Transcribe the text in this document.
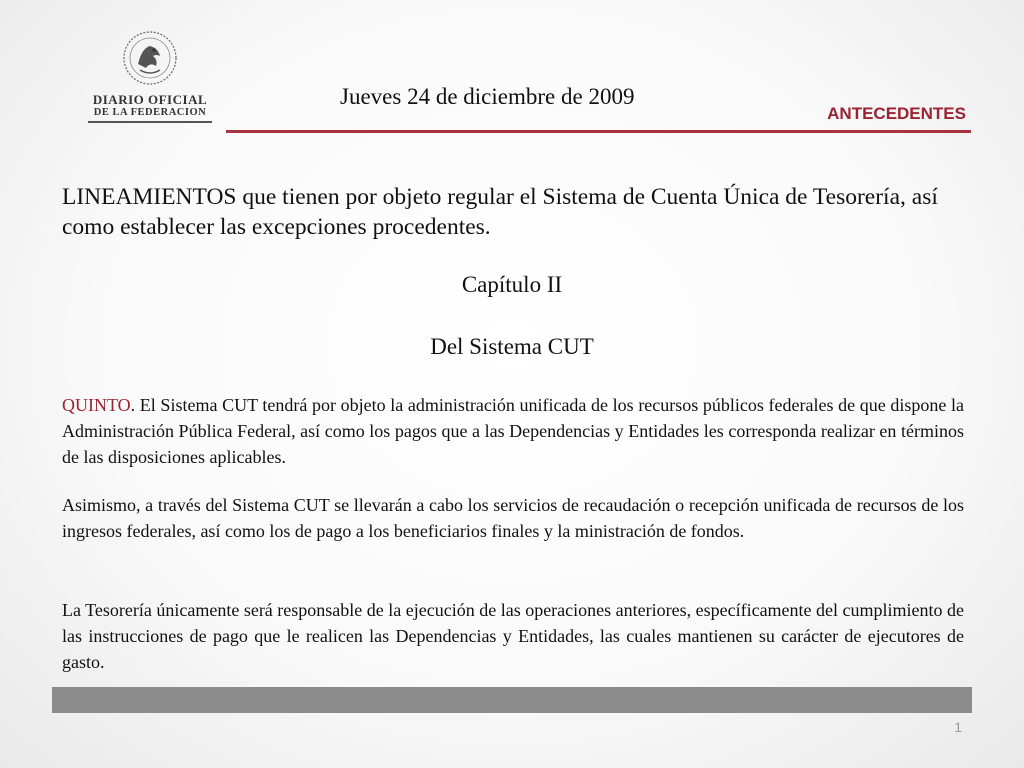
DIARIO OFICIAL
DE LA FEDERACION
Jueves 24 de diciembre de 2009
ANTECEDENTES
LINEAMIENTOS que tienen por objeto regular el Sistema de Cuenta Única de Tesorería, así como establecer las excepciones procedentes.
Capítulo II
Del Sistema CUT

QUINTO. El Sistema CUT tendrá por objeto la administración unificada de los recursos públicos federales de que dispone la Administración Pública Federal, así como los pagos que a las Dependencias y Entidades les corresponda realizar en términos de las disposiciones aplicables.

Asimismo, a través del Sistema CUT se llevarán a cabo los servicios de recaudación o recepción unificada de recursos de los ingresos federales, así como los de pago a los beneficiarios finales y la ministración de fondos.

La Tesorería únicamente será responsable de la ejecución de las operaciones anteriores, específicamente del cumplimiento de las instrucciones de pago que le realicen las Dependencias y Entidades, las cuales mantienen su carácter de ejecutores de gasto.

1
